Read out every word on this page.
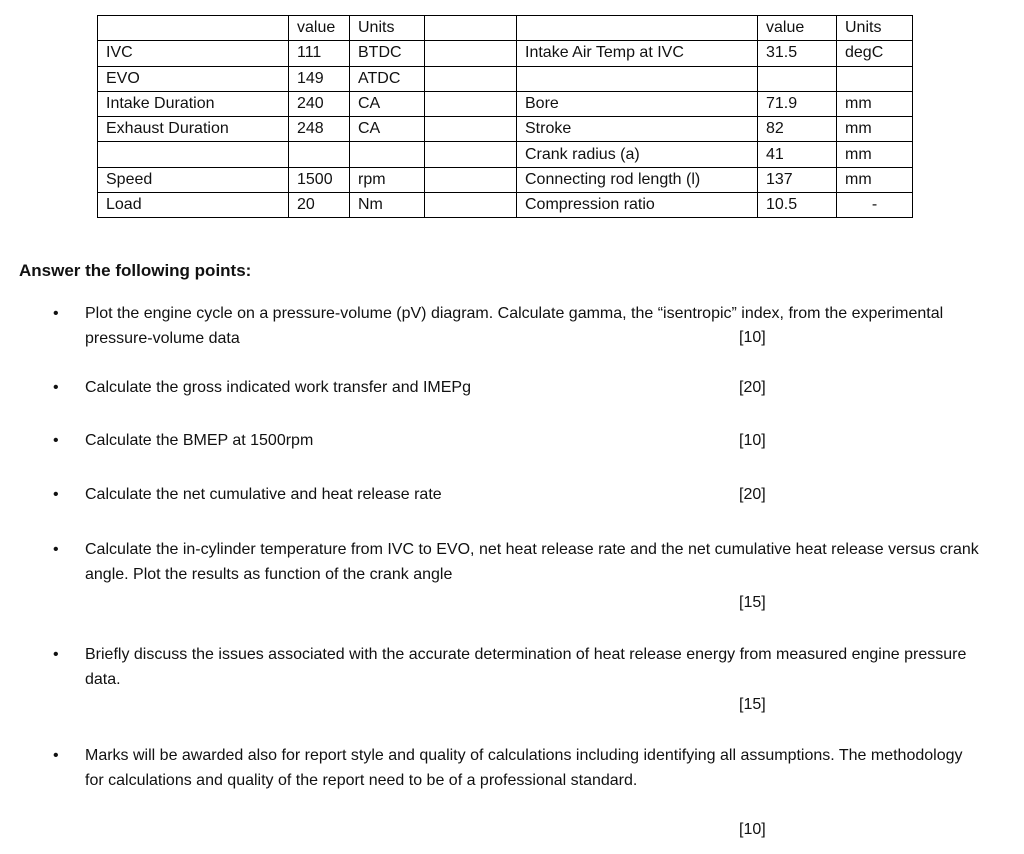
	value	Units			value	Units
IVC	111	BTDC		Intake Air Temp at IVC	31.5	degC
EVO	149	ATDC				
Intake Duration	240	CA		Bore	71.9	mm
Exhaust Duration	248	CA		Stroke	82	mm
				Crank radius (a)	41	mm
Speed	1500	rpm		Connecting rod length (l)	137	mm
Load	20	Nm		Compression ratio	10.5	-

Answer the following points:

• Plot the engine cycle on a pressure-volume (pV) diagram. Calculate gamma, the “isentropic” index, from the experimental pressure-volume data	[10]
• Calculate the gross indicated work transfer and IMEPg	[20]
• Calculate the BMEP at 1500rpm	[10]
• Calculate the net cumulative and heat release rate	[20]
• Calculate the in-cylinder temperature from IVC to EVO, net heat release rate and the net cumulative heat release versus crank angle. Plot the results as function of the crank angle
[15]
• Briefly discuss the issues associated with the accurate determination of heat release energy from measured engine pressure data.
[15]
• Marks will be awarded also for report style and quality of calculations including identifying all assumptions. The methodology for calculations and quality of the report need to be of a professional standard.
[10]
